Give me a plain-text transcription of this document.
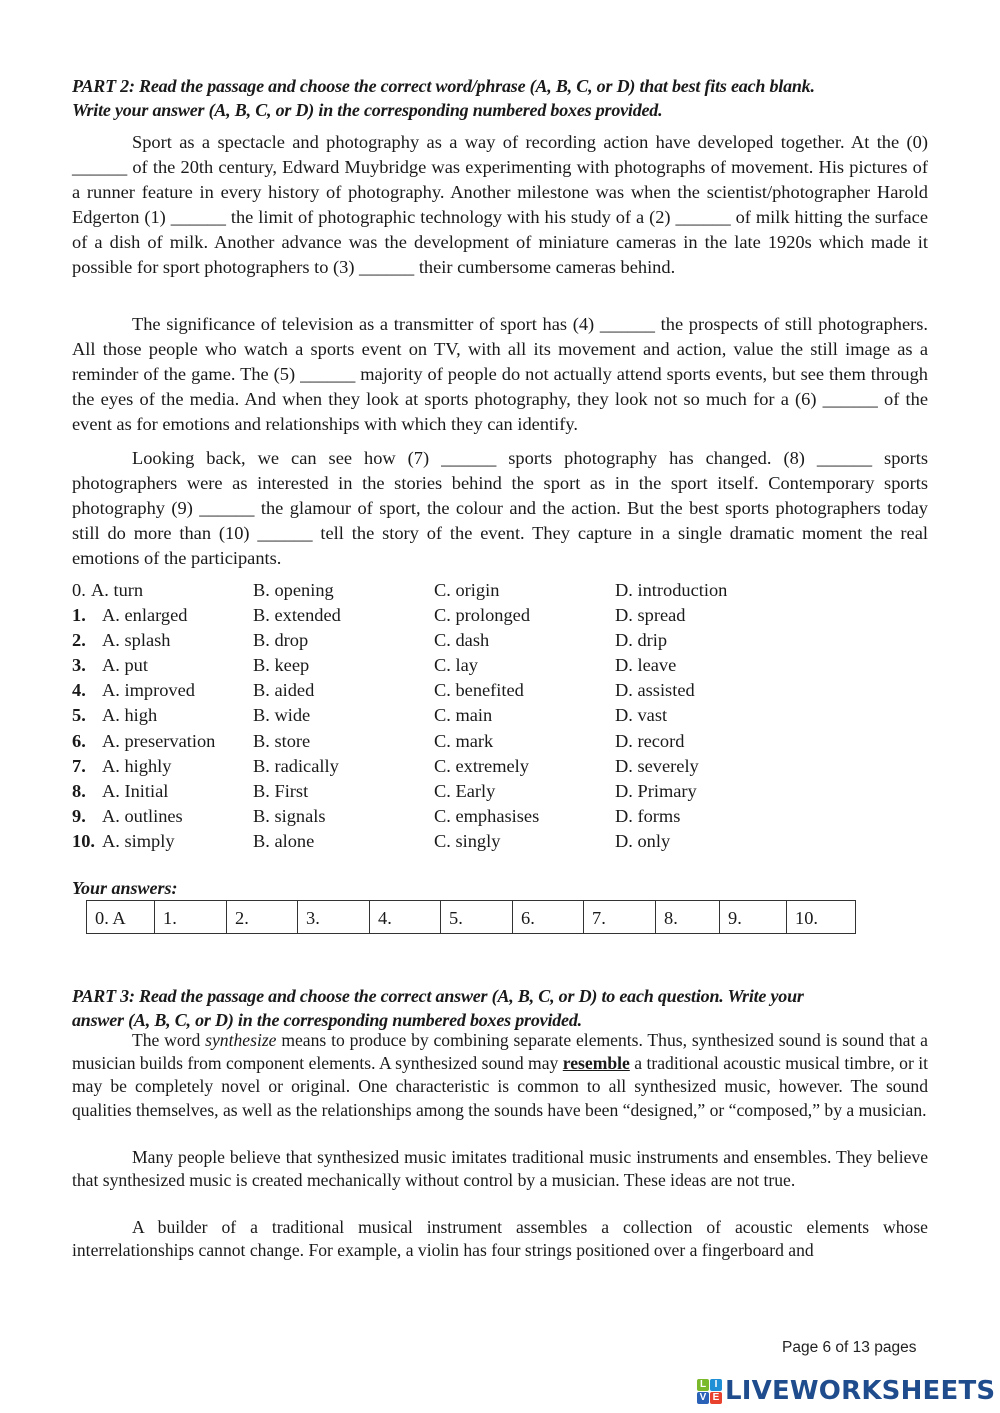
PART 2: Read the passage and choose the correct word/phrase (A, B, C, or D) that best fits each blank.
Write your answer (A, B, C, or D) in the corresponding numbered boxes provided.
Sport as a spectacle and photography as a way of recording action have developed together. At the (0) ______ of the 20th century, Edward Muybridge was experimenting with photographs of movement. His pictures of a runner feature in every history of photography. Another milestone was when the scientist/photographer Harold Edgerton (1) ______ the limit of photographic technology with his study of a (2) ______ of milk hitting the surface of a dish of milk. Another advance was the development of miniature cameras in the late 1920s which made it possible for sport photographers to (3) ______ their cumbersome cameras behind.
The significance of television as a transmitter of sport has (4) ______ the prospects of still photographers. All those people who watch a sports event on TV, with all its movement and action, value the still image as a reminder of the game. The (5) ______ majority of people do not actually attend sports events, but see them through the eyes of the media. And when they look at sports photography, they look not so much for a (6) ______ of the event as for emotions and relationships with which they can identify.
Looking back, we can see how (7) ______ sports photography has changed. (8) ______ sports photographers were as interested in the stories behind the sport as in the sport itself. Contemporary sports photography (9) ______ the glamour of sport, the colour and the action. But the best sports photographers today still do more than (10) ______ tell the story of the event. They capture in a single dramatic moment the real emotions of the participants.
0. A. turn	B. opening	C. origin	D. introduction
1. A. enlarged	B. extended	C. prolonged	D. spread
2. A. splash	B. drop	C. dash	D. drip
3. A. put	B. keep	C. lay	D. leave
4. A. improved	B. aided	C. benefited	D. assisted
5. A. high	B. wide	C. main	D. vast
6. A. preservation B. store	C. mark	D. record
7. A. highly	B. radically	C. extremely	D. severely
8. A. Initial	B. First	C. Early	D. Primary
9. A. outlines	B. signals	C. emphasises	D. forms
10. A. simply	B. alone	C. singly	D. only
Your answers:
0. A	1.	2.	3.	4.	5.	6.	7.	8.	9.	10.
PART 3: Read the passage and choose the correct answer (A, B, C, or D) to each question. Write your
answer (A, B, C, or D) in the corresponding numbered boxes provided.
The word synthesize means to produce by combining separate elements. Thus, synthesized sound is sound that a musician builds from component elements. A synthesized sound may resemble a traditional acoustic musical timbre, or it may be completely novel or original. One characteristic is common to all synthesized music, however. The sound qualities themselves, as well as the relationships among the sounds have been “designed,” or “composed,” by a musician.
Many people believe that synthesized music imitates traditional music instruments and ensembles. They believe that synthesized music is created mechanically without control by a musician. These ideas are not true.
A builder of a traditional musical instrument assembles a collection of acoustic elements whose interrelationships cannot change. For example, a violin has four strings positioned over a fingerboard and
Page 6 of 13 pages
L I
V E LIVEWORKSHEETS
